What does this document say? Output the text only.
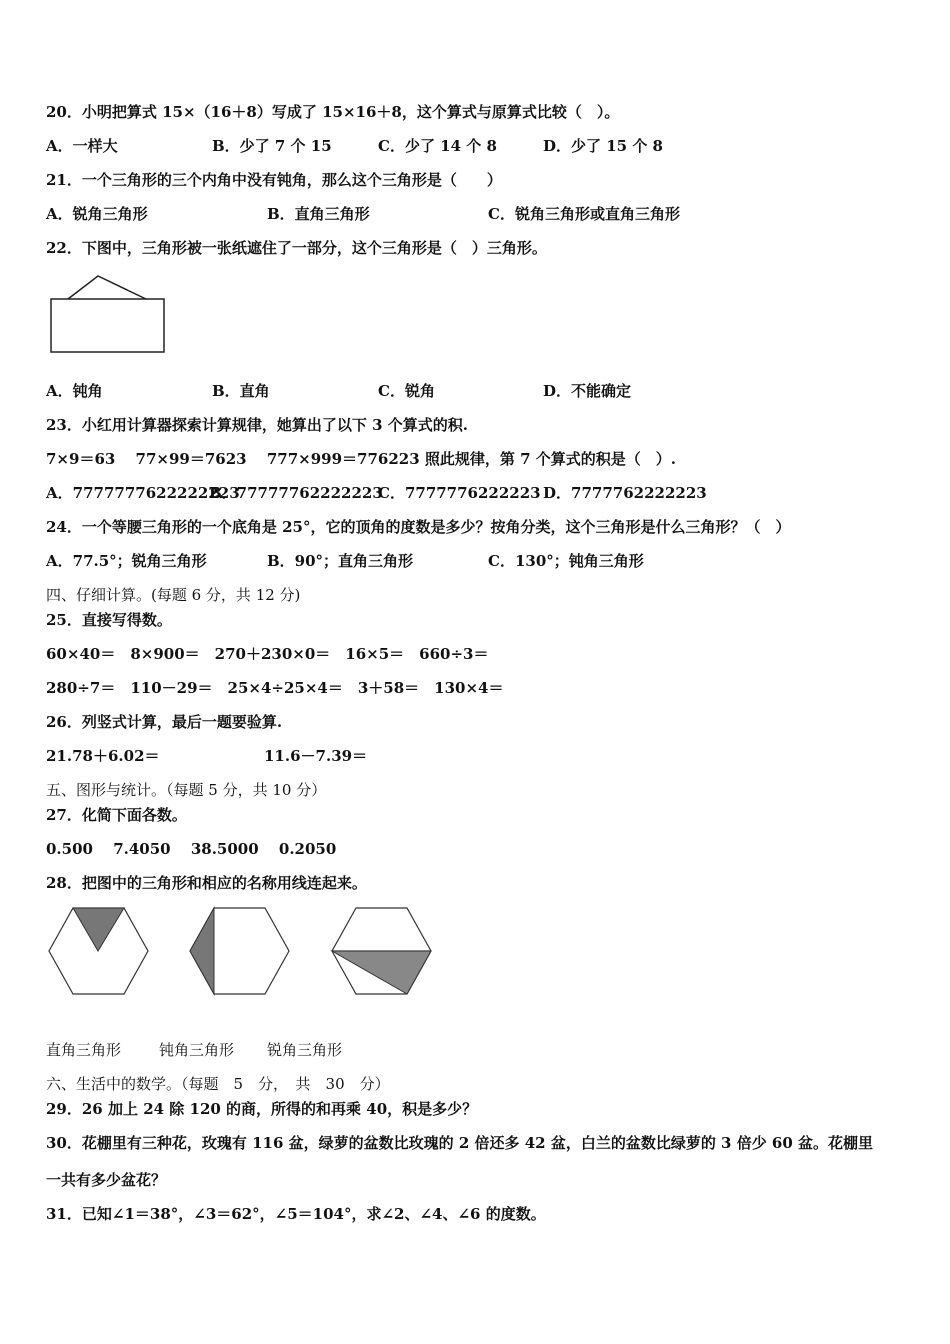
20．小明把算式 15×（16＋8）写成了 15×16＋8，这个算式与原算式比较（　）。
A．一样大	B．少了 7 个 15	C．少了 14 个 8	D．少了 15 个 8
21．一个三角形的三个内角中没有钝角，那么这个三角形是（　　）
A．锐角三角形	B．直角三角形	C．锐角三角形或直角三角形
22．下图中，三角形被一张纸遮住了一部分，这个三角形是（　）三角形。
A．钝角	B．直角	C．锐角	D．不能确定
23．小红用计算器探索计算规律，她算出了以下 3 个算式的积.
7×9＝63　 77×99＝7623　 777×999＝776223 照此规律，第 7 个算式的积是（　）.
A．7777777622222223
B．77777762222223
C．7777776222223 D．7777762222223
24．一个等腰三角形的一个底角是 25°，它的顶角的度数是多少？按角分类，这个三角形是什么三角形？（　）
A．77.5°；锐角三角形	B．90°；直角三角形	C．130°；钝角三角形
四、仔细计算。(每题 6 分，共 12 分)
25．直接写得数。
60×40＝　8×900＝　270＋230×0＝　16×5＝　660÷3＝
280÷7＝　110－29＝　25×4÷25×4＝　3＋58＝　130×4＝
26．列竖式计算，最后一题要验算.
21.78＋6.02＝	11.6－7.39＝
五、图形与统计。（每题 5 分，共 10 分）
27．化简下面各数。
0.500　 7.4050　 38.5000　 0.2050
28．把图中的三角形和相应的名称用线连起来。
直角三角形	钝角三角形 锐角三角形
六、生活中的数学。（每题　5　分，　共　30　分）
29．26 加上 24 除 120 的商，所得的和再乘 40，积是多少？
30．花棚里有三种花，玫瑰有 116 盆，绿萝的盆数比玫瑰的 2 倍还多 42 盆，白兰的盆数比绿萝的 3 倍少 60 盆。花棚里
一共有多少盆花？
31．已知∠1＝38°，∠3＝62°，∠5＝104°，求∠2、∠4、∠6 的度数。
